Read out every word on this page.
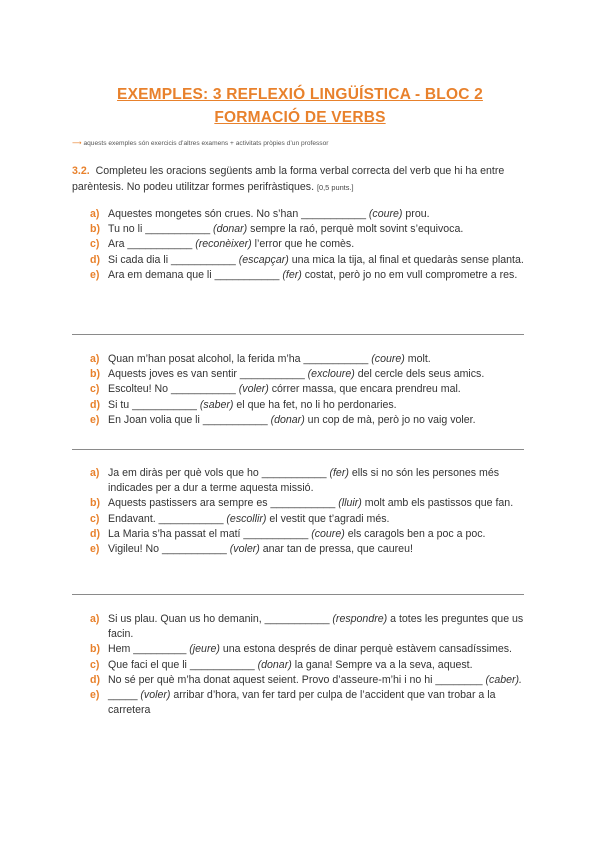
EXEMPLES: 3 REFLEXIÓ LINGÜÍSTICA - BLOC 2
FORMACIÓ DE VERBS
⟶ aquests exemples són exercicis d’altres examens + activitats pròpies d’un professor
3.2. Completeu les oracions següents amb la forma verbal correcta del verb que hi ha entre parèntesis. No podeu utilitzar formes perifràstiques. [0,5 punts.]
a) Aquestes mongetes són crues. No s’han ___________ (coure) prou.
b) Tu no li ___________ (donar) sempre la raó, perquè molt sovint s’equivoca.
c) Ara ___________ (reconèixer) l’error que he comès.
d) Si cada dia li ___________ (escapçar) una mica la tija, al final et quedaràs sense planta.
e) Ara em demana que li ___________ (fer) costat, però jo no em vull comprometre a res.
a) Quan m’han posat alcohol, la ferida m’ha ___________ (coure) molt.
b) Aquests joves es van sentir ___________ (excloure) del cercle dels seus amics.
c) Escolteu! No ___________ (voler) córrer massa, que encara prendreu mal.
d) Si tu ___________ (saber) el que ha fet, no li ho perdonaries.
e) En Joan volia que li ___________ (donar) un cop de mà, però jo no vaig voler.
a) Ja em diràs per què vols que ho ___________ (fer) ells si no són les persones més indicades per a dur a terme aquesta missió.
b) Aquests pastissers ara sempre es ___________ (lluir) molt amb els pastissos que fan.
c) Endavant. ___________ (escollir) el vestit que t’agradi més.
d) La Maria s’ha passat el matí ___________ (coure) els caragols ben a poc a poc.
e) Vigileu! No ___________ (voler) anar tan de pressa, que caureu!
a) Si us plau. Quan us ho demanin, ___________ (respondre) a totes les preguntes que us facin.
b) Hem _________ (jeure) una estona després de dinar perquè estàvem cansadíssimes.
c) Que faci el que li ___________ (donar) la gana! Sempre va a la seva, aquest.
d) No sé per què m’ha donat aquest seient. Provo d’asseure-m’hi i no hi ________ (caber).
e) _____ (voler) arribar d’hora, van fer tard per culpa de l’accident que van trobar a la carretera
